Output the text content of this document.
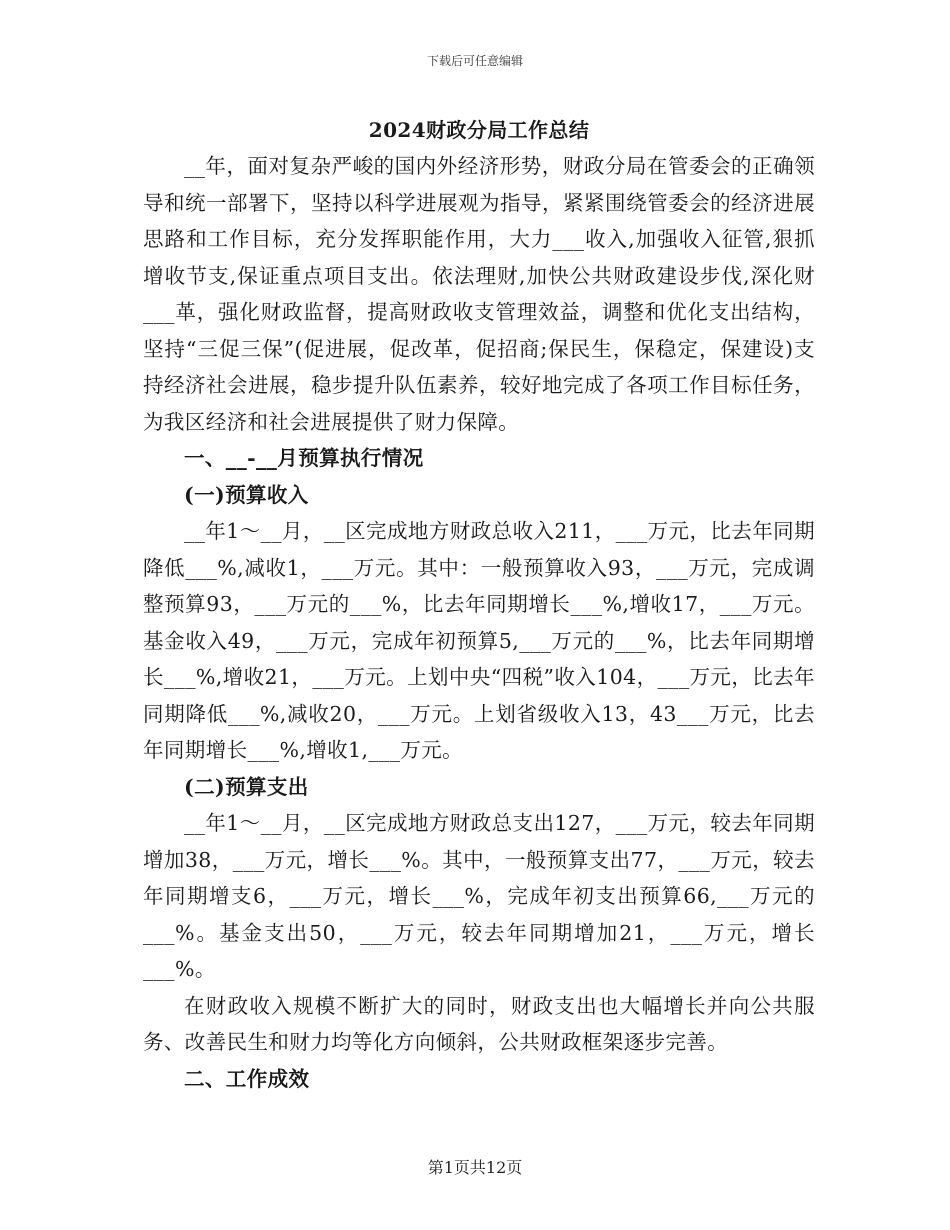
下载后可任意编辑
2024财政分局工作总结

__年，面对复杂严峻的国内外经济形势，财政分局在管委会的正确领导和统一部署下，坚持以科学进展观为指导，紧紧围绕管委会的经济进展思路和工作目标，充分发挥职能作用，大力___收入,加强收入征管,狠抓增收节支,保证重点项目支出。依法理财,加快公共财政建设步伐,深化财___革，强化财政监督，提高财政收支管理效益，调整和优化支出结构，坚持“三促三保”(促进展，促改革，促招商;保民生，保稳定，保建设)支持经济社会进展，稳步提升队伍素养，较好地完成了各项工作目标任务，为我区经济和社会进展提供了财力保障。

一、__-__月预算执行情况
(一)预算收入

__年1～__月，__区完成地方财政总收入211，___万元，比去年同期降低___%,减收1，___万元。其中：一般预算收入93，___万元，完成调整预算93，___万元的___%，比去年同期增长___%,增收17，___万元。基金收入49，___万元，完成年初预算5,___万元的___%，比去年同期增长___%,增收21，___万元。上划中央“四税”收入104，___万元，比去年同期降低___%,减收20，___万元。上划省级收入13，43___万元，比去年同期增长___%,增收1,___万元。

(二)预算支出

__年1～__月，__区完成地方财政总支出127，___万元，较去年同期增加38，___万元，增长___%。其中，一般预算支出77，___万元，较去年同期增支6，___万元，增长___%，完成年初支出预算66,___万元的___%。基金支出50，___万元，较去年同期增加21，___万元，增长___%。

在财政收入规模不断扩大的同时，财政支出也大幅增长并向公共服务、改善民生和财力均等化方向倾斜，公共财政框架逐步完善。

二、工作成效
第1页共12页
